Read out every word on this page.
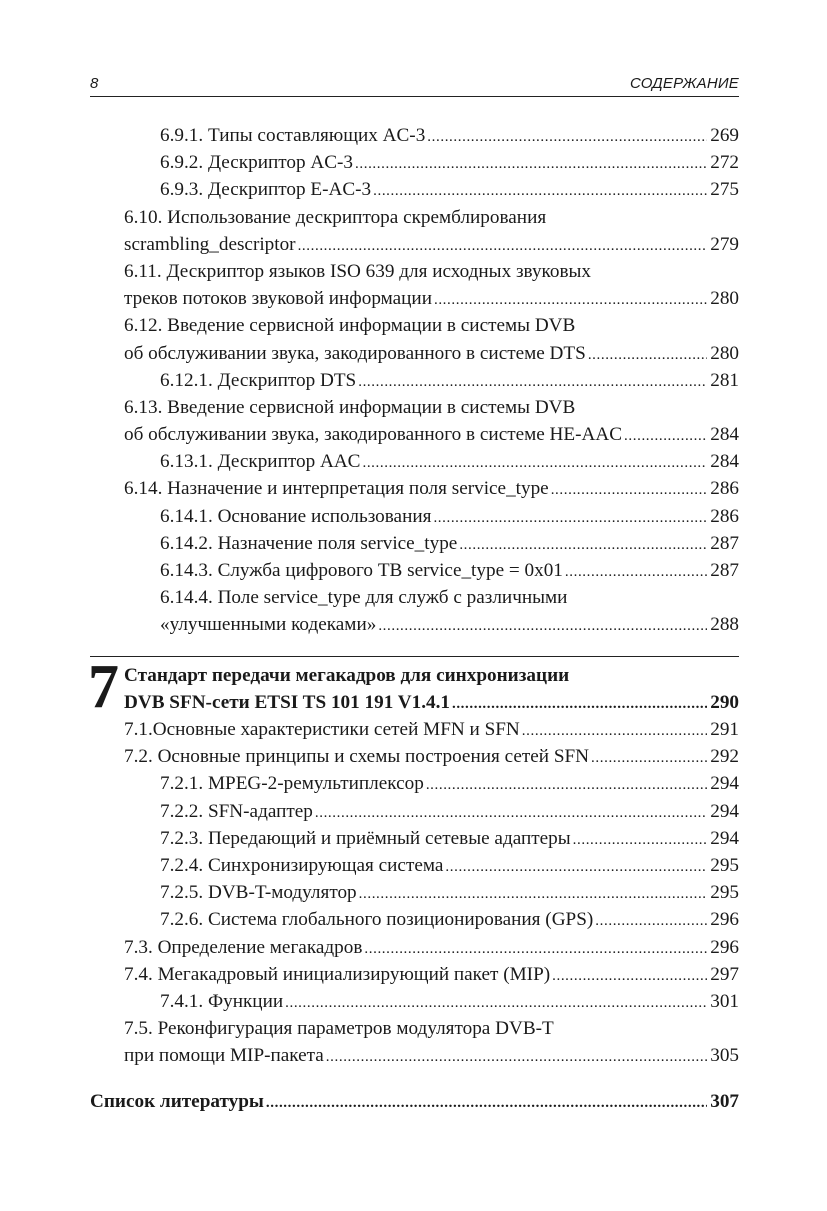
8	СОДЕРЖАНИЕ
6.9.1. Типы составляющих AC-3 .....	269
6.9.2. Дескриптор AC-3 .....	272
6.9.3. Дескриптор E-AC-3 .....	275
6.10. Использование дескриптора скремблирования
scrambling_descriptor .....	279
6.11. Дескриптор языков ISO 639 для исходных звуковых
треков потоков звуковой информации .....	280
6.12. Введение сервисной информации в системы DVB
об обслуживании звука, закодированного в системе DTS .....	280
6.12.1. Дескриптор DTS .....	281
6.13. Введение сервисной информации в системы DVB
об обслуживании звука, закодированного в системе HE-AAC .....	284
6.13.1. Дескриптор AAC .....	284
6.14. Назначение и интерпретация поля service_type .....	286
6.14.1. Основание использования .....	286
6.14.2. Назначение поля service_type .....	287
6.14.3. Служба цифрового ТВ service_type = 0x01 .....	287
6.14.4. Поле service_type для служб с различными
«улучшенными кодеками» .....	288
7 Стандарт передачи мегакадров для синхронизации
DVB SFN-сети ETSI TS 101 191 V1.4.1 .....	290
7.1.Основные характеристики сетей MFN и SFN .....	291
7.2. Основные принципы и схемы построения сетей SFN .....	292
7.2.1. MPEG-2-ремультиплексор .....	294
7.2.2. SFN-адаптер .....	294
7.2.3. Передающий и приёмный сетевые адаптеры .....	294
7.2.4. Синхронизирующая система .....	295
7.2.5. DVB-T-модулятор .....	295
7.2.6. Система глобального позиционирования (GPS) .....	296
7.3. Определение мегакадров .....	296
7.4. Мегакадровый инициализирующий пакет (MIP) .....	297
7.4.1. Функции .....	301
7.5. Реконфигурация параметров модулятора DVB-T
при помощи MIP-пакета .....	305
Список литературы .....	307
